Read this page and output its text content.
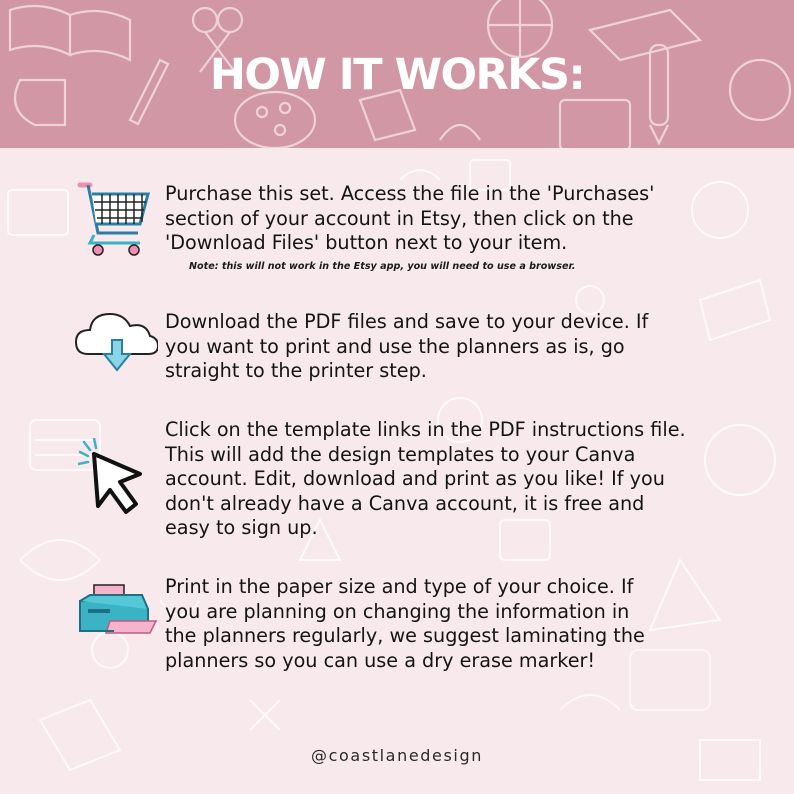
HOW IT WORKS:
Purchase this set. Access the file in the 'Purchases'
section of your account in Etsy, then click on the
'Download Files' button next to your item.
Note: this will not work in the Etsy app, you will need to use a browser.
Download the PDF files and save to your device. If
you want to print and use the planners as is, go
straight to the printer step.
Click on the template links in the PDF instructions file.
This will add the design templates to your Canva
account. Edit, download and print as you like! If you
don't already have a Canva account, it is free and
easy to sign up.
Print in the paper size and type of your choice. If
you are planning on changing the information in
the planners regularly, we suggest laminating the
planners so you can use a dry erase marker!
@coastlanedesign
